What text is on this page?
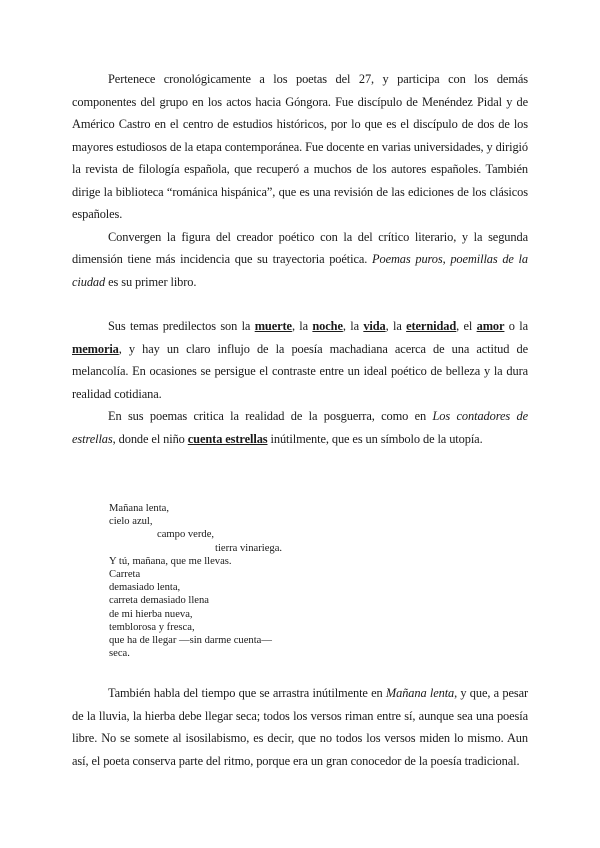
Pertenece cronológicamente a los poetas del 27, y participa con los demás componentes del grupo en los actos hacia Góngora. Fue discípulo de Menéndez Pidal y de Américo Castro en el centro de estudios históricos, por lo que es el discípulo de dos de los mayores estudiosos de la etapa contemporánea. Fue docente en varias universidades, y dirigió la revista de filología española, que recuperó a muchos de los autores españoles. También dirige la biblioteca “románica hispánica”, que es una revisión de las ediciones de los clásicos españoles.

Convergen la figura del creador poético con la del crítico literario, y la segunda dimensión tiene más incidencia que su trayectoria poética. Poemas puros, poemillas de la ciudad es su primer libro.

Sus temas predilectos son la muerte, la noche, la vida, la eternidad, el amor o la memoria, y hay un claro influjo de la poesía machadiana acerca de una actitud de melancolía. En ocasiones se persigue el contraste entre un ideal poético de belleza y la dura realidad cotidiana.

En sus poemas critica la realidad de la posguerra, como en Los contadores de estrellas, donde el niño cuenta estrellas inútilmente, que es un símbolo de la utopía.

Mañana lenta,
cielo azul,
campo verde,
tierra vinariega.
Y tú, mañana, que me llevas.
Carreta
demasiado lenta,
carreta demasiado llena
de mi hierba nueva,
temblorosa y fresca,
que ha de llegar —sin darme cuenta—
seca.

También habla del tiempo que se arrastra inútilmente en Mañana lenta, y que, a pesar de la lluvia, la hierba debe llegar seca; todos los versos riman entre sí, aunque sea una poesía libre. No se somete al isosilabismo, es decir, que no todos los versos miden lo mismo. Aun así, el poeta conserva parte del ritmo, porque era un gran conocedor de la poesía tradicional.
